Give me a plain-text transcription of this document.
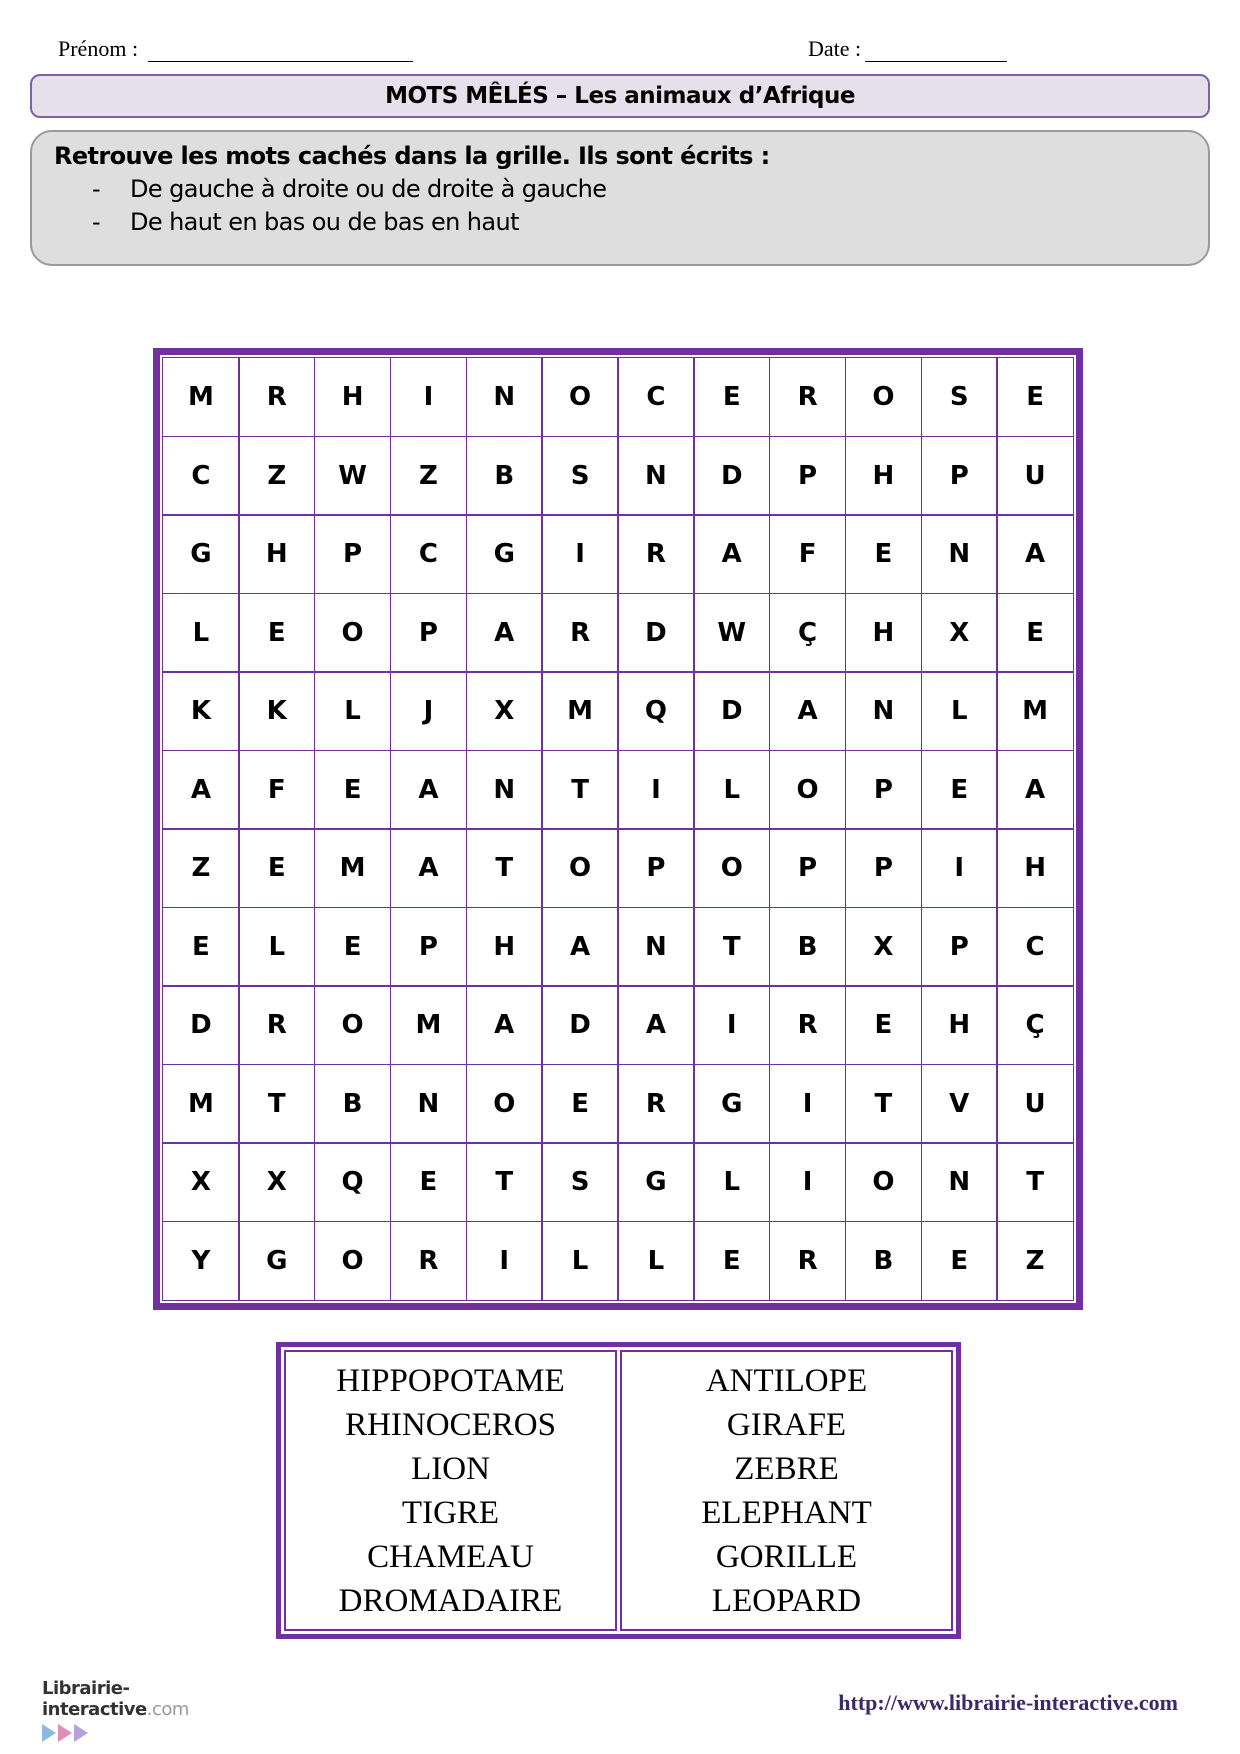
Prénom :	Date :
MOTS MÊLÉS – Les animaux d’Afrique
Retrouve les mots cachés dans la grille. Ils sont écrits :
-	De gauche à droite ou de droite à gauche
-	De haut en bas ou de bas en haut
M	R	H	I	N	O	C	E	R	O	S	E
C	Z	W	Z	B	S	N	D	P	H	P	U
G	H	P	C	G	I	R	A	F	E	N	A
L	E	O	P	A	R	D	W	Ç	H	X	E
K	K	L	J	X	M	Q	D	A	N	L	M
A	F	E	A	N	T	I	L	O	P	E	A
Z	E	M	A	T	O	P	O	P	P	I	H
E	L	E	P	H	A	N	T	B	X	P	C
D	R	O	M	A	D	A	I	R	E	H	Ç
M	T	B	N	O	E	R	G	I	T	V	U
X	X	Q	E	T	S	G	L	I	O	N	T
Y	G	O	R	I	L	L	E	R	B	E	Z
HIPPOPOTAME
RHINOCEROS
LION
TIGRE
CHAMEAU
DROMADAIRE
ANTILOPE
GIRAFE
ZEBRE
ELEPHANT
GORILLE
LEOPARD
Librairie-interactive.com	http://www.librairie-interactive.com
